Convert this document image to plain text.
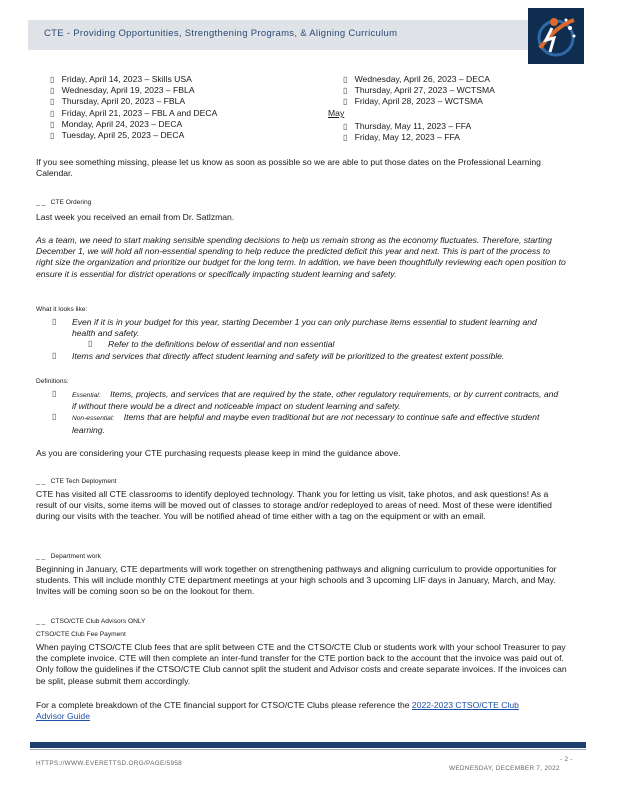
CTE - Providing Opportunities, Strengthening Programs, & Aligning Curriculum
▯ Friday, April 14, 2023 – Skills USA
▯ Wednesday, April 19, 2023 – FBLA
▯ Thursday, April 20, 2023 – FBLA
▯ Friday, April 21, 2023 – FBL A and DECA
▯ Monday, April 24, 2023 – DECA
▯ Tuesday, April 25, 2023 – DECA
▯ Wednesday, April 26, 2023 – DECA
▯ Thursday, April 27, 2023 – WCTSMA
▯ Friday, April 28, 2023 – WCTSMA
May
▯ Thursday, May 11, 2023 – FFA
▯ Friday, May 12, 2023 – FFA
If you see something missing, please let us know as soon as possible so we are able to put those dates on the Professional Learning Calendar.
_ _   CTE Ordering
Last week you received an email from Dr. Satlzman.
As a team, we need to start making sensible spending decisions to help us remain strong as the economy fluctuates. Therefore, starting December 1, we will hold all non-essential spending to help reduce the predicted deficit this year and next. This is part of the process to right size the organization and prioritize our budget for the long term. In addition, we have been thoughtfully reviewing each open position to ensure it is essential for district operations or specifically impacting student learning and safety.
What it looks like:
▯	Even if it is in your budget for this year, starting December 1 you can only purchase items essential to student learning and health and safety.
▯	Refer to the definitions below of essential and non essential
▯	Items and services that directly affect student learning and safety will be prioritized to the greatest extent possible.
Definitions:
▯	Essential: Items, projects, and services that are required by the state, other regulatory requirements, or by current contracts, and if without there would be a direct and noticeable impact on student learning and safety.
▯	Non-essential: Items that are helpful and maybe even traditional but are not necessary to continue safe and effective student learning.
As you are considering your CTE purchasing requests please keep in mind the guidance above.
_ _   CTE Tech Deployment
CTE has visited all CTE classrooms to identify deployed technology. Thank you for letting us visit, take photos, and ask questions! As a result of our visits, some items will be moved out of classes to storage and/or redeployed to areas of need. Most of these were identified during our visits with the teacher. You will be notified ahead of time either with a tag on the equipment or with an email.
_ _   Department work
Beginning in January, CTE departments will work together on strengthening pathways and aligning curriculum to provide opportunities for students. This will include monthly CTE department meetings at your high schools and 3 upcoming LIF days in January, March, and May. Invites will be coming soon so be on the lookout for them.
_ _   CTSO/CTE Club Advisors ONLY
CTSO/CTE Club Fee Payment
When paying CTSO/CTE Club fees that are split between CTE and the CTSO/CTE Club or students work with your school Treasurer to pay the complete invoice. CTE will then complete an inter-fund transfer for the CTE portion back to the account that the invoice was paid out of. Only follow the guidelines if the CTSO/CTE Club cannot split the student and Advisor costs and create separate invoices. If the invoices can be split, please submit them accordingly.
For a complete breakdown of the CTE financial support for CTSO/CTE Clubs please reference the 2022-2023 CTSO/CTE Club Advisor Guide
HTTPS://WWW.EVERETTSD.ORG/PAGE/5958
- 2 -
WEDNESDAY, DECEMBER 7, 2022
